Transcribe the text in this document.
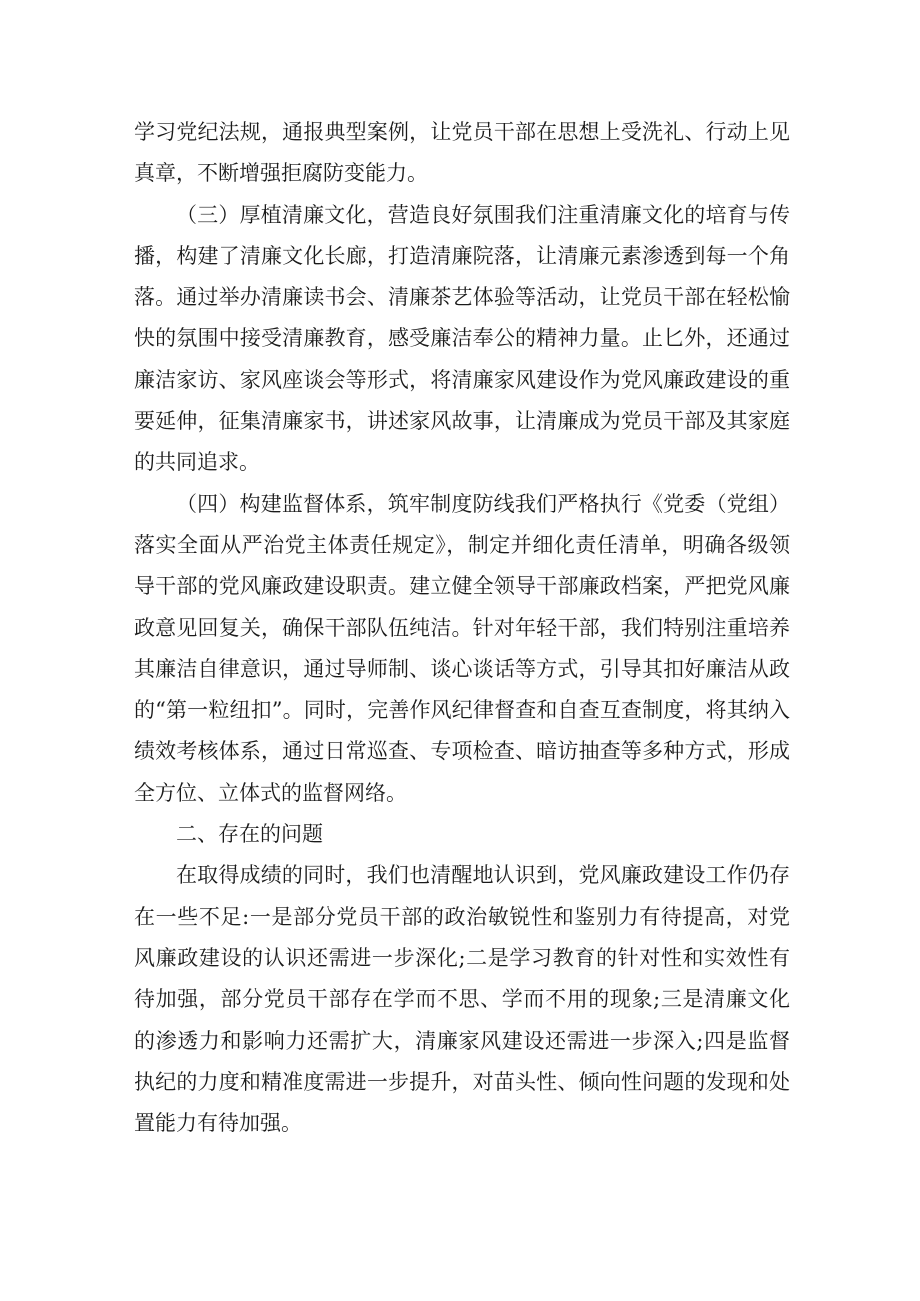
学习党纪法规，通报典型案例，让党员干部在思想上受洗礼、行动上见真章，不断增强拒腐防变能力。

（三）厚植清廉文化，营造良好氛围我们注重清廉文化的培育与传播，构建了清廉文化长廊，打造清廉院落，让清廉元素渗透到每一个角落。通过举办清廉读书会、清廉茶艺体验等活动，让党员干部在轻松愉快的氛围中接受清廉教育，感受廉洁奉公的精神力量。止匕外，还通过廉洁家访、家风座谈会等形式，将清廉家风建设作为党风廉政建设的重要延伸，征集清廉家书，讲述家风故事，让清廉成为党员干部及其家庭的共同追求。

（四）构建监督体系，筑牢制度防线我们严格执行《党委（党组）落实全面从严治党主体责任规定》，制定并细化责任清单，明确各级领导干部的党风廉政建设职责。建立健全领导干部廉政档案，严把党风廉政意见回复关，确保干部队伍纯洁。针对年轻干部，我们特别注重培养其廉洁自律意识，通过导师制、谈心谈话等方式，引导其扣好廉洁从政的“第一粒纽扣”。同时，完善作风纪律督查和自查互查制度，将其纳入绩效考核体系，通过日常巡查、专项检查、暗访抽查等多种方式，形成全方位、立体式的监督网络。

二、存在的问题

在取得成绩的同时，我们也清醒地认识到，党风廉政建设工作仍存在一些不足:一是部分党员干部的政治敏锐性和鉴别力有待提高，对党风廉政建设的认识还需进一步深化;二是学习教育的针对性和实效性有待加强，部分党员干部存在学而不思、学而不用的现象;三是清廉文化的渗透力和影响力还需扩大，清廉家风建设还需进一步深入;四是监督执纪的力度和精准度需进一步提升，对苗头性、倾向性问题的发现和处置能力有待加强。
